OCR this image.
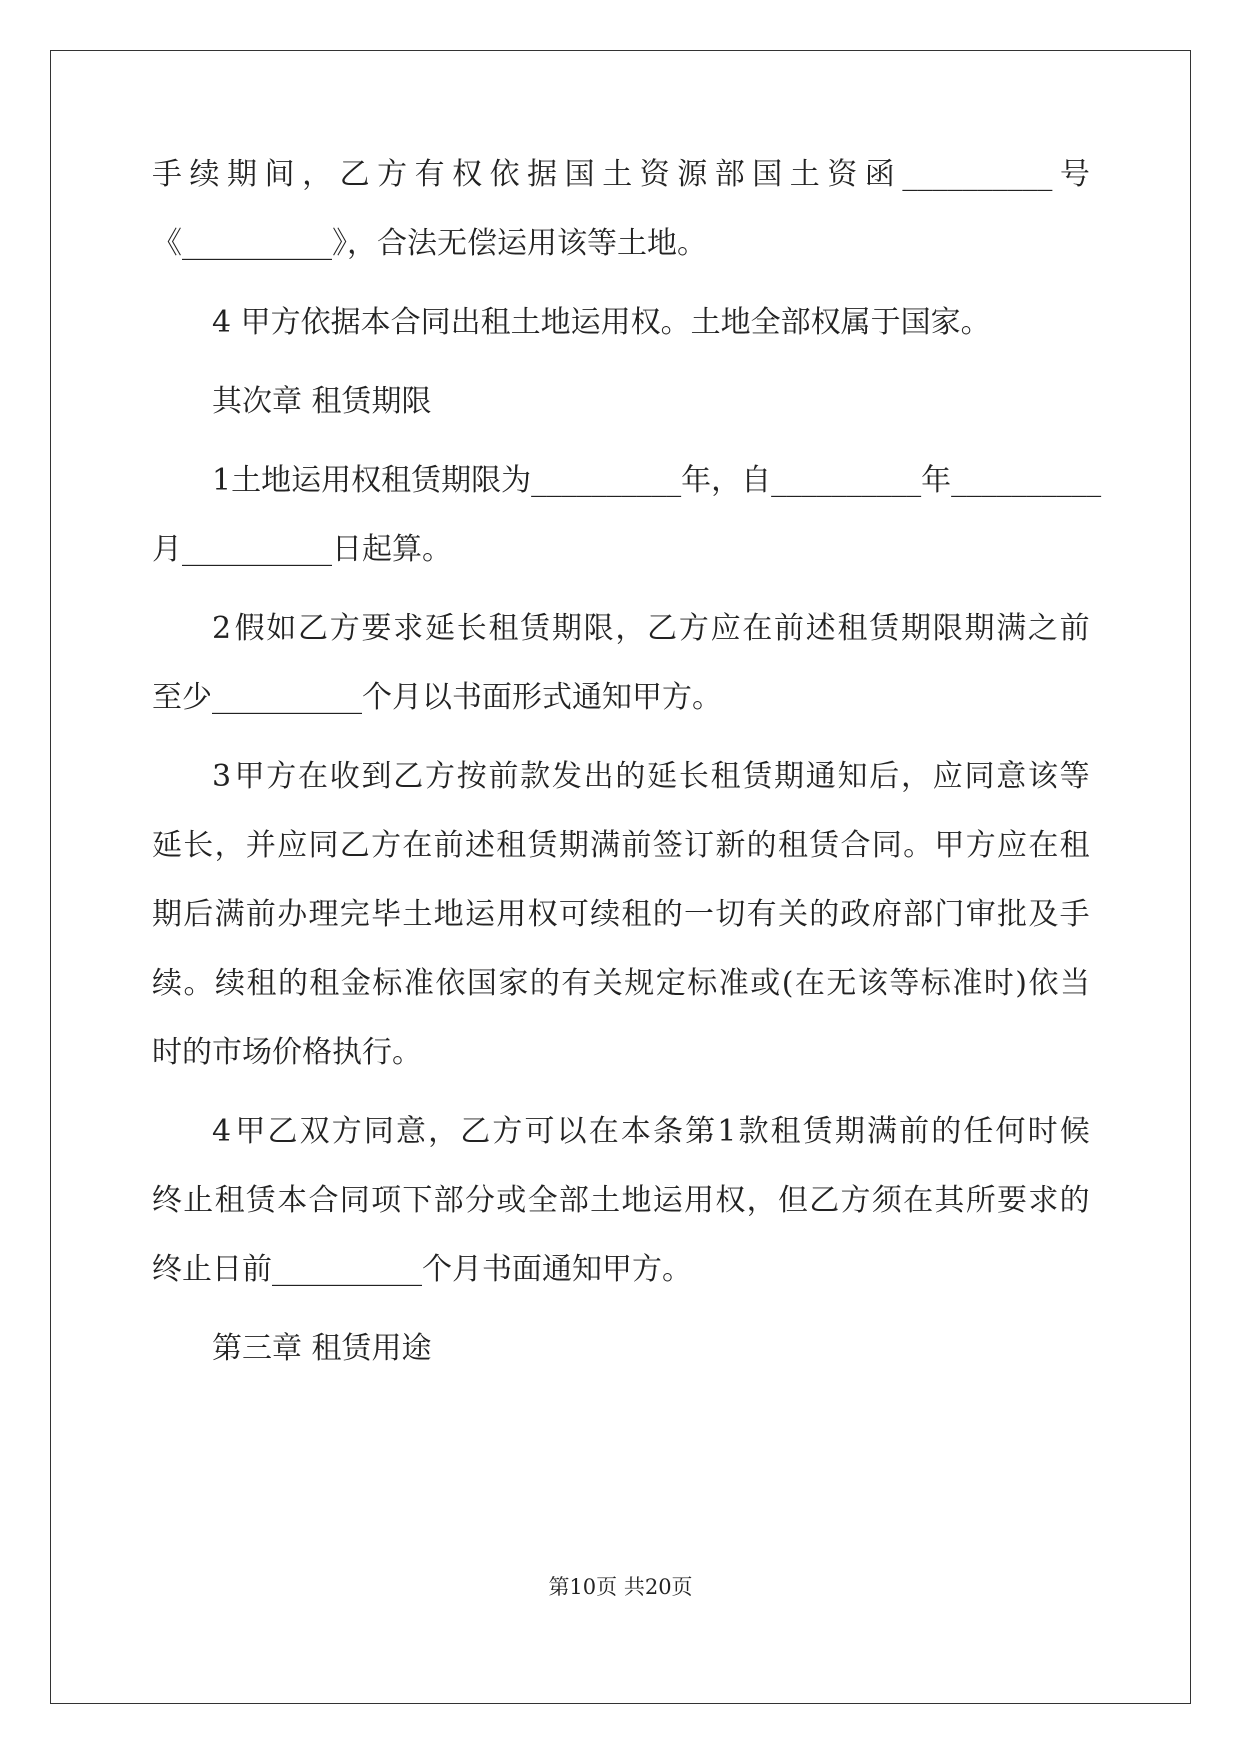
手 续 期 间 ， 乙 方 有 权 依 据 国 土 资 源 部 国 土 资 函 __________ 号
《__________》，合法无偿运用该等土地。
4 甲方依据本合同出租土地运用权。土地全部权属于国家。
其次章 租赁期限
1 土 地 运 用 权 租 赁 期 限 为 __________ 年 ， 自 __________ 年 __________
月__________日起算。
2 假 如 乙 方 要 求 延 长 租 赁 期 限 ， 乙 方 应 在 前 述 租 赁 期 限 期 满 之 前
至少__________个月以书面形式通知甲方。
3 甲 方 在 收 到 乙 方 按 前 款 发 出 的 延 长 租 赁 期 通 知 后 ， 应 同 意 该 等
延 长 ， 并 应 同 乙 方 在 前 述 租 赁 期 满 前 签 订 新 的 租 赁 合 同 。 甲 方 应 在 租
期 后 满 前 办 理 完 毕 土 地 运 用 权 可 续 租 的 一 切 有 关 的 政 府 部 门 审 批 及 手
续 。 续 租 的 租 金 标 准 依 国 家 的 有 关 规 定 标 准 或 ( 在 无 该 等 标 准 时 ) 依 当
时的市场价格执行。
4 甲 乙 双 方 同 意 ， 乙 方 可 以 在 本 条 第 1 款 租 赁 期 满 前 的 任 何 时 候
终 止 租 赁 本 合 同 项 下 部 分 或 全 部 土 地 运 用 权 ， 但 乙 方 须 在 其 所 要 求 的
终止日前__________个月书面通知甲方。
第三章 租赁用途
第10页 共20页
